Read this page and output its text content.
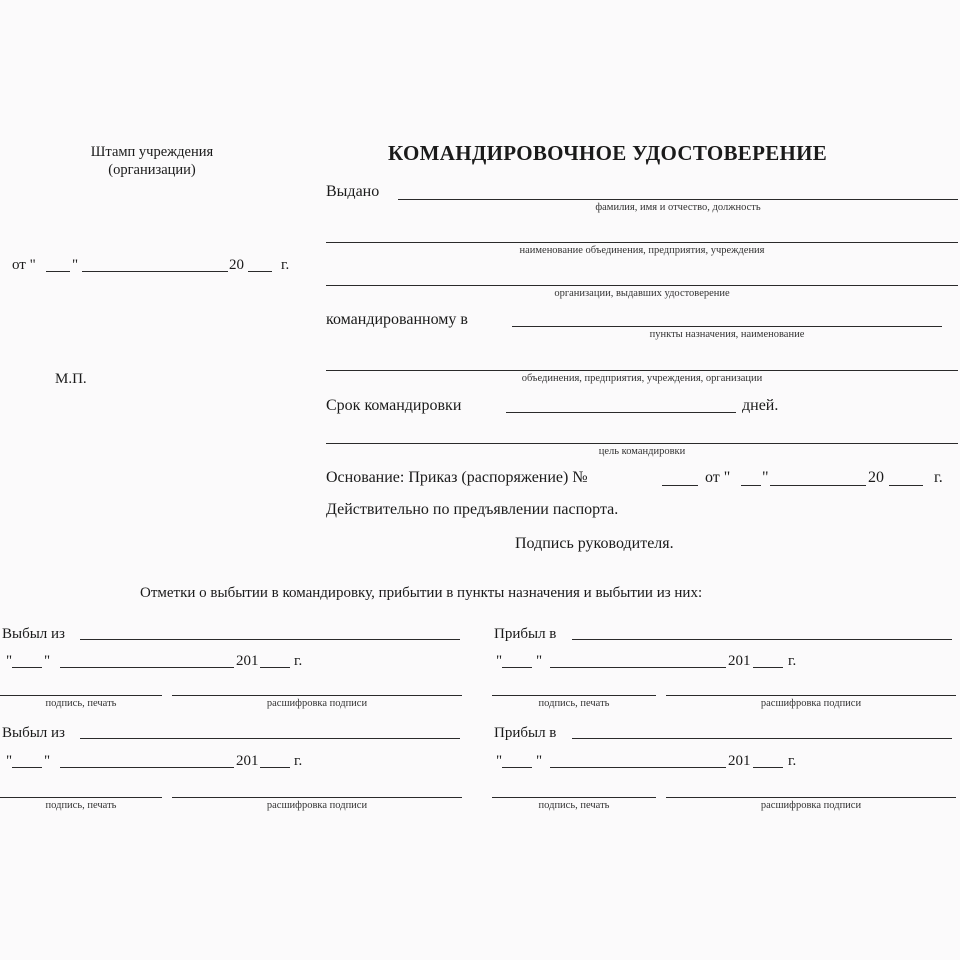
Штамп учреждения
(организации)
от " "	20 г.
М.П.
КОМАНДИРОВОЧНОЕ УДОСТОВЕРЕНИЕ
Выдано
фамилия, имя и отчество, должность
наименование объединения, предприятия, учреждения
организации, выдавших удостоверение
командированному в
пункты назначения, наименование
объединения, предприятия, учреждения, организации
Срок командировки	дней.
цель командировки
Основание: Приказ (распоряжение) №	от " "	20	г.
Действительно по предъявлении паспорта.
Подпись руководителя.
Отметки о выбытии в командировку, прибытии в пункты назначения и выбытии из них:
Выбыл из
" "	201 г.
подпись, печать	расшифровка подписи
Прибыл в
" "	201	г.
подпись, печать	расшифровка подписи
Выбыл из
" "	201 г.
подпись, печать	расшифровка подписи
Прибыл в
" "	201	г.
подпись, печать	расшифровка подписи
